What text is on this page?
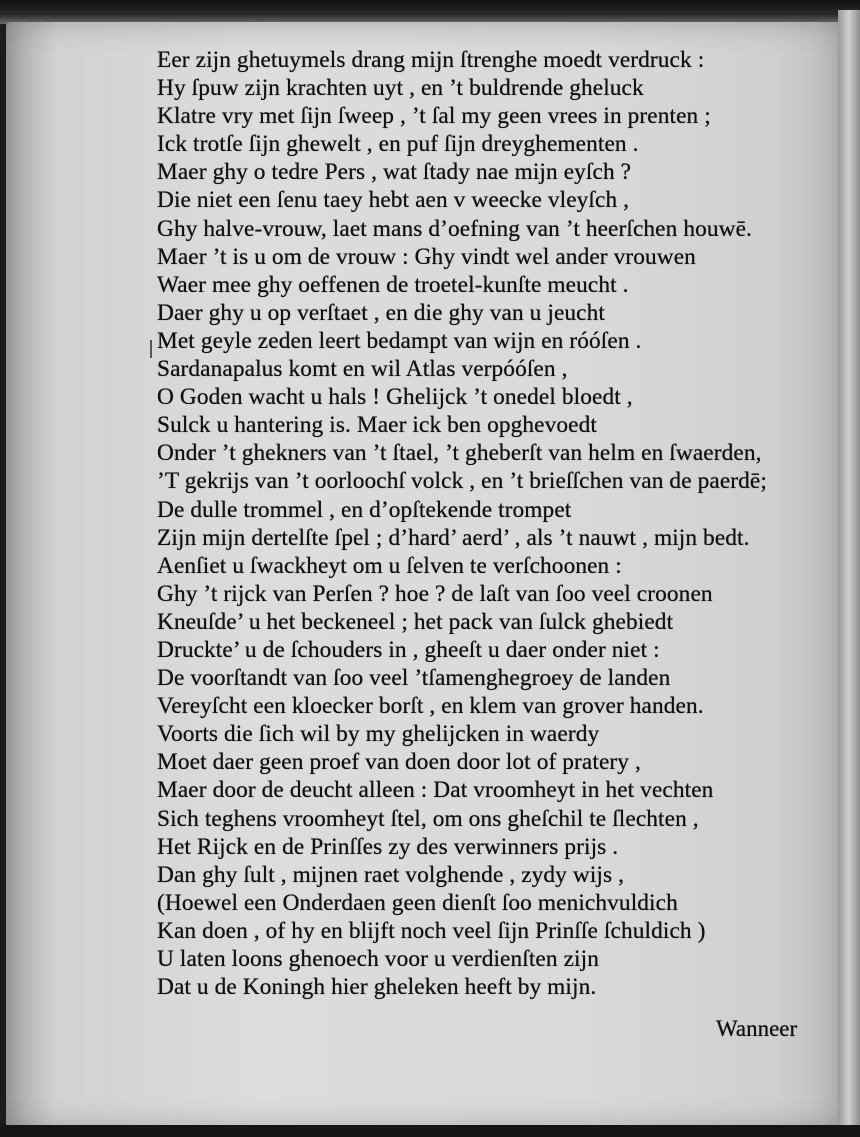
Eer zijn ghetuymels drang mijn ſtrenghe moedt verdruck :
Hy ſpuw zijn krachten uyt , en ’t buldrende gheluck
Klatre vry met ſijn ſweep , ’t ſal my geen vrees in prenten ;
Ick trotſe ſijn ghewelt , en puf ſijn dreyghementen .
Maer ghy o tedre Pers , wat ſtady nae mijn eyſch ?
Die niet een ſenu taey hebt aen v weecke vleyſch ,
Ghy halve-vrouw, laet mans d’oefning van ’t heerſchen houwē.
Maer ’t is u om de vrouw : Ghy vindt wel ander vrouwen
Waer mee ghy oeffenen de troetel-kunſte meucht .
Daer ghy u op verſtaet , en die ghy van u jeucht
Met geyle zeden leert bedampt van wijn en róóſen .
Sardanapalus komt en wil Atlas verpóóſen ,
O Goden wacht u hals ! Ghelijck ’t onedel bloedt ,
Sulck u hantering is. Maer ick ben opghevoedt
Onder ’t ghekners van ’t ſtael, ’t gheberſt van helm en ſwaerden,
’T gekrijs van ’t oorloochſ volck , en ’t brieſſchen van de paerdē;
De dulle trommel , en d’opſtekende trompet
Zijn mijn dertelſte ſpel ; d’hard’ aerd’ , als ’t nauwt , mijn bedt.
Aenſiet u ſwackheyt om u ſelven te verſchoonen :
Ghy ’t rijck van Perſen ? hoe ? de laſt van ſoo veel croonen
Kneuſde’ u het beckeneel ; het pack van ſulck ghebiedt
Druckte’ u de ſchouders in , gheeſt u daer onder niet :
De voorſtandt van ſoo veel ’tſamenghegroey de landen
Vereyſcht een kloecker borſt , en klem van grover handen.
Voorts die ſich wil by my ghelijcken in waerdy
Moet daer geen proef van doen door lot of pratery ,
Maer door de deucht alleen : Dat vroomheyt in het vechten
Sich teghens vroomheyt ſtel, om ons gheſchil te ſlechten ,
Het Rijck en de Prinſſes zy des verwinners prijs .
Dan ghy ſult , mijnen raet volghende , zydy wijs ,
(Hoewel een Onderdaen geen dienſt ſoo menichvuldich
Kan doen , of hy en blijft noch veel ſijn Prinſſe ſchuldich )
U laten loons ghenoech voor u verdienſten zijn
Dat u de Koningh hier gheleken heeft by mijn.
Wanneer
